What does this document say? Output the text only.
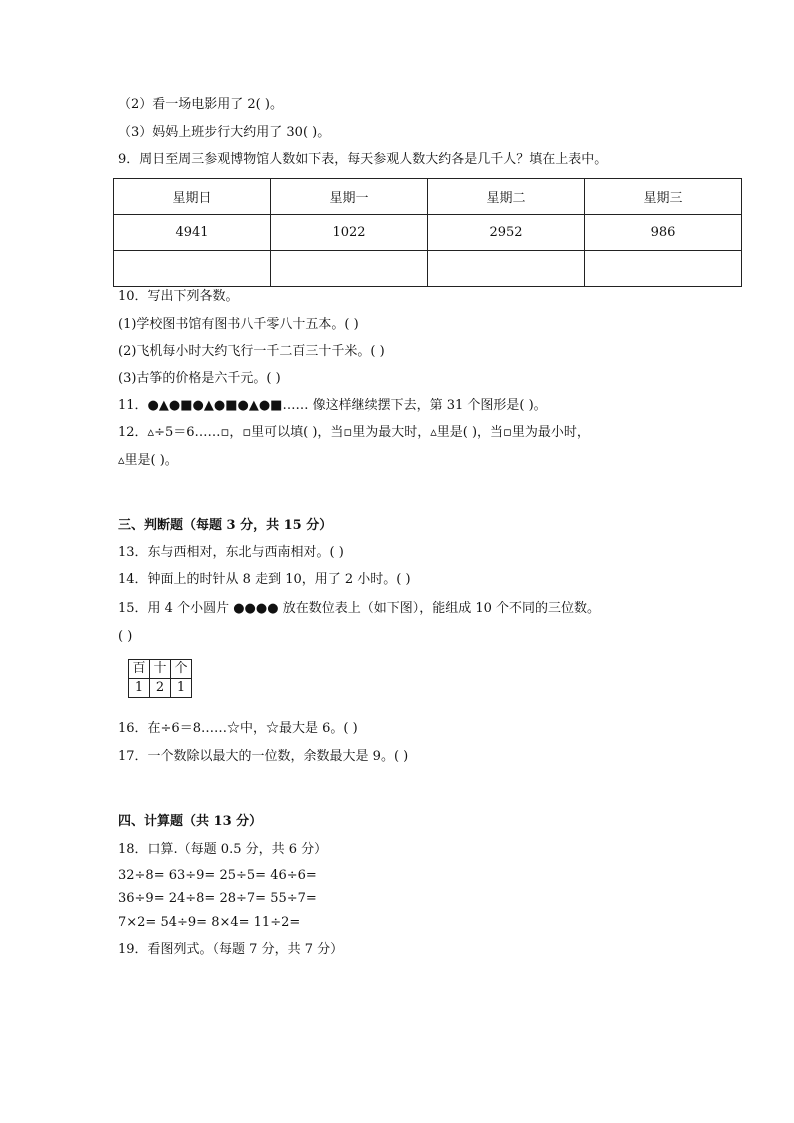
（2）看一场电影用了 2( )。
（3）妈妈上班步行大约用了 30( )。
9．周日至周三参观博物馆人数如下表，每天参观人数大约各是几千人？填在上表中。
星期日	星期一	星期二	星期三
4941	1022	2952	986

10．写出下列各数。
(1)学校图书馆有图书八千零八十五本。( )
(2)飞机每小时大约飞行一千二百三十千米。( )
(3)古筝的价格是六千元。( )
11．●▲●■●▲●■●▲●■…… 像这样继续摆下去，第 31 个图形是( )。
12．▵÷5＝6……▫，▫里可以填( )，当▫里为最大时，▵里是( )，当▫里为最小时，
▵里是( )。
三、判断题（每题 3 分，共 15 分）
13．东与西相对，东北与西南相对。( )
14．钟面上的时针从 8 走到 10，用了 2 小时。( )
15．用 4 个小圆片 ●●●● 放在数位表上（如下图），能组成 10 个不同的三位数。
( )
百	十	个
1	2	1
16．在÷6＝8……☆中，☆最大是 6。( )
17．一个数除以最大的一位数，余数最大是 9。( )
四、计算题（共 13 分）
18．口算.（每题 0.5 分，共 6 分）
32÷8= 63÷9= 25÷5= 46÷6=
36÷9= 24÷8= 28÷7= 55÷7=
7×2= 54÷9= 8×4= 11÷2=
19．看图列式。（每题 7 分，共 7 分）
